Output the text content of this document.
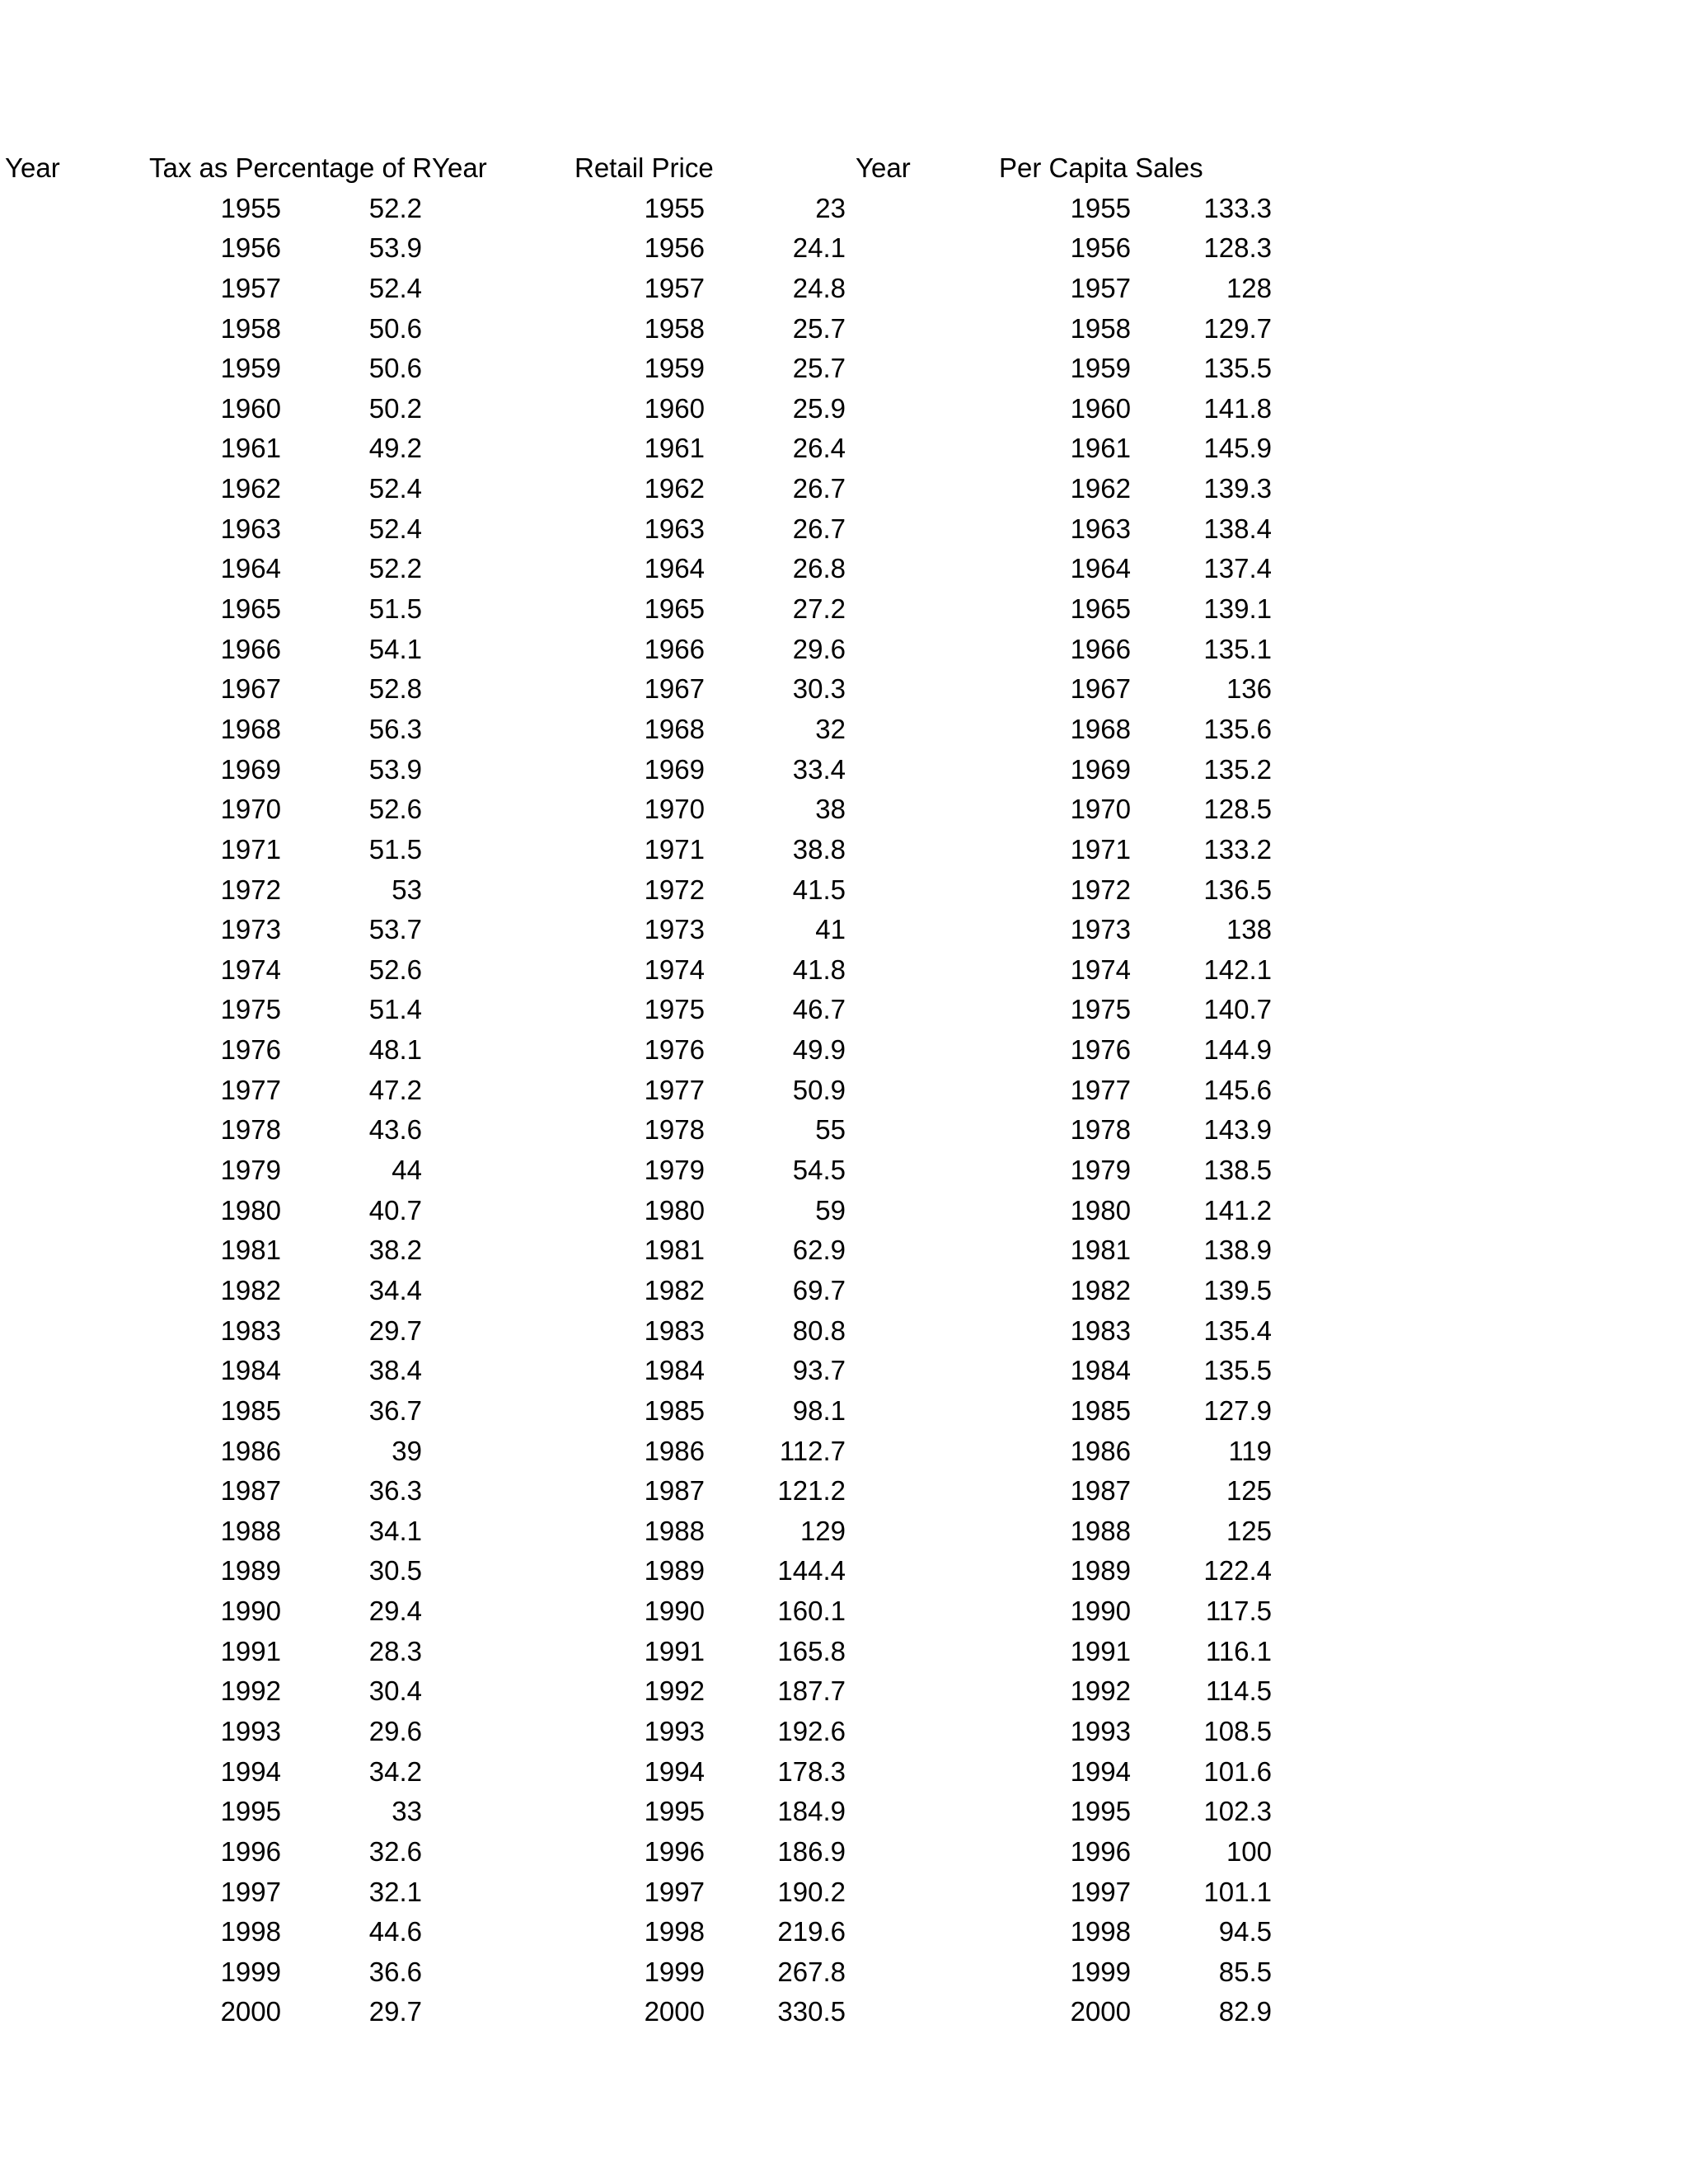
Year	Tax as Percentage of R Year	Retail Price	Year	Per Capita Sales
1955	52.2	1955	23	1955	133.3
1956	53.9	1956	24.1	1956	128.3
1957	52.4	1957	24.8	1957	128
1958	50.6	1958	25.7	1958	129.7
1959	50.6	1959	25.7	1959	135.5
1960	50.2	1960	25.9	1960	141.8
1961	49.2	1961	26.4	1961	145.9
1962	52.4	1962	26.7	1962	139.3
1963	52.4	1963	26.7	1963	138.4
1964	52.2	1964	26.8	1964	137.4
1965	51.5	1965	27.2	1965	139.1
1966	54.1	1966	29.6	1966	135.1
1967	52.8	1967	30.3	1967	136
1968	56.3	1968	32	1968	135.6
1969	53.9	1969	33.4	1969	135.2
1970	52.6	1970	38	1970	128.5
1971	51.5	1971	38.8	1971	133.2
1972	53	1972	41.5	1972	136.5
1973	53.7	1973	41	1973	138
1974	52.6	1974	41.8	1974	142.1
1975	51.4	1975	46.7	1975	140.7
1976	48.1	1976	49.9	1976	144.9
1977	47.2	1977	50.9	1977	145.6
1978	43.6	1978	55	1978	143.9
1979	44	1979	54.5	1979	138.5
1980	40.7	1980	59	1980	141.2
1981	38.2	1981	62.9	1981	138.9
1982	34.4	1982	69.7	1982	139.5
1983	29.7	1983	80.8	1983	135.4
1984	38.4	1984	93.7	1984	135.5
1985	36.7	1985	98.1	1985	127.9
1986	39	1986	112.7	1986	119
1987	36.3	1987	121.2	1987	125
1988	34.1	1988	129	1988	125
1989	30.5	1989	144.4	1989	122.4
1990	29.4	1990	160.1	1990	117.5
1991	28.3	1991	165.8	1991	116.1
1992	30.4	1992	187.7	1992	114.5
1993	29.6	1993	192.6	1993	108.5
1994	34.2	1994	178.3	1994	101.6
1995	33	1995	184.9	1995	102.3
1996	32.6	1996	186.9	1996	100
1997	32.1	1997	190.2	1997	101.1
1998	44.6	1998	219.6	1998	94.5
1999	36.6	1999	267.8	1999	85.5
2000	29.7	2000	330.5	2000	82.9
